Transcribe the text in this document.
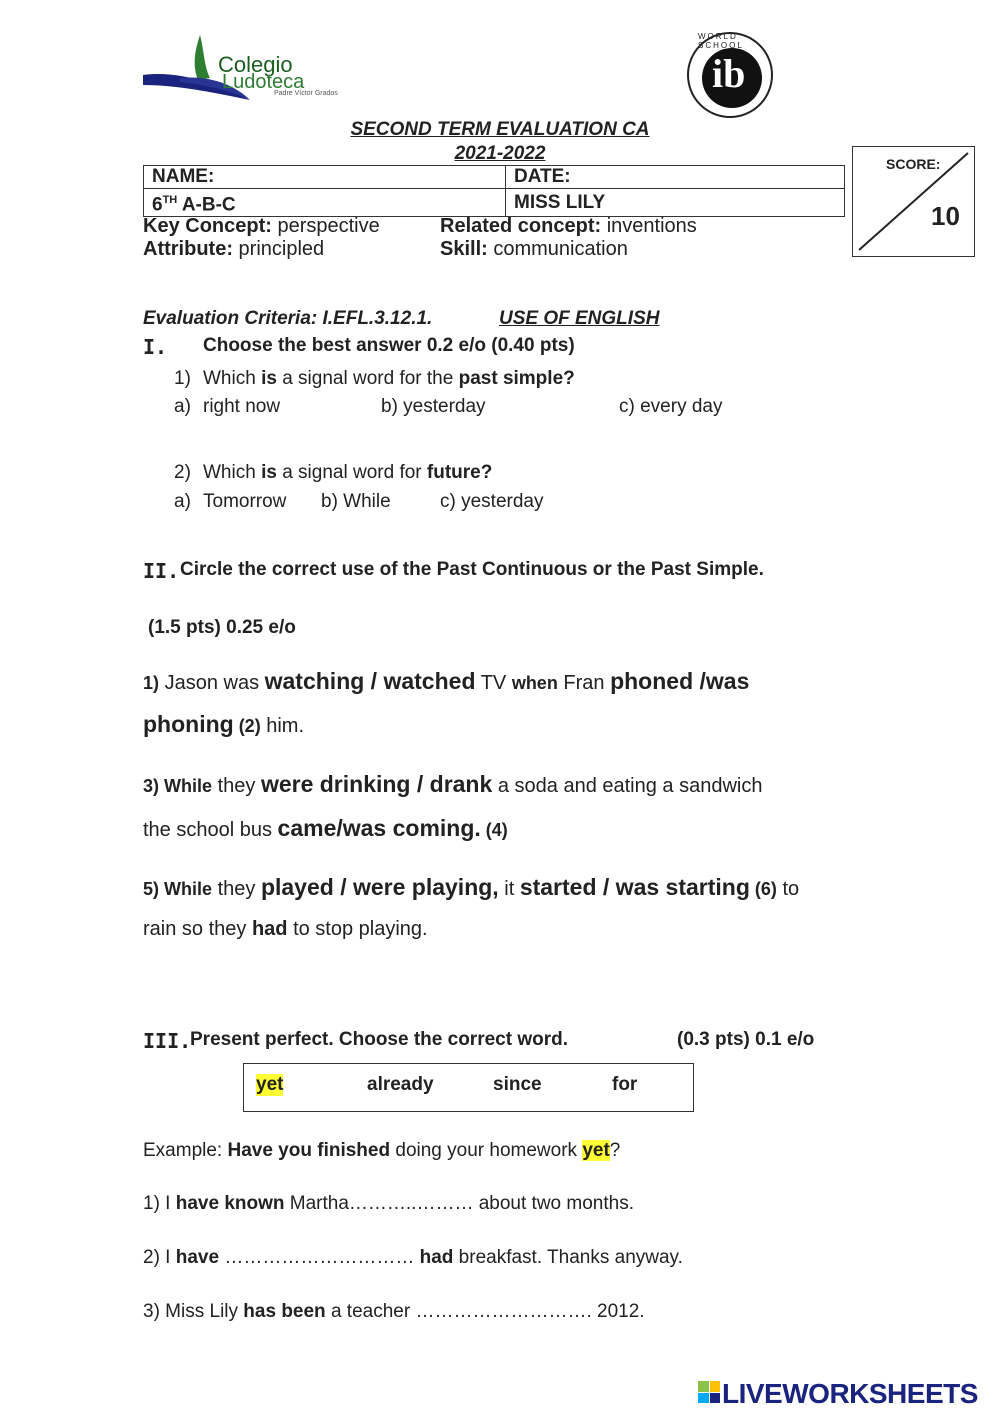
Colegio
Ludoteca
Padre Víctor Grados	ib
WORLD SCHOOL
SECOND TERM EVALUATION CA
2021-2022
NAME:	DATE:
6TH A-B-C	MISS LILY
SCORE:
10
Key Concept: perspective	Related concept: inventions
Attribute: principled	Skill: communication
Evaluation Criteria: I.EFL.3.12.1.	USE OF ENGLISH
I. Choose the best answer 0.2 e/o (0.40 pts)
1) Which is a signal word for the past simple?
a) right now	b) yesterday	c) every day
2) Which is a signal word for future?
a) Tomorrow b) While	c) yesterday
II. Circle the correct use of the Past Continuous or the Past Simple.
(1.5 pts) 0.25 e/o
1) Jason was watching / watched TV when Fran phoned /was
phoning (2) him.
3) While they were drinking / drank a soda and eating a sandwich
the school bus came/was coming. (4)
5) While they played / were playing, it started / was starting (6) to
rain so they had to stop playing.
III.
Present perfect. Choose the correct word.	(0.3 pts) 0.1 e/o
yet	already	since	for
Example: Have you finished doing your homework yet?
1) I have known Martha………..……… about two months.
2) I have ………………………… had breakfast. Thanks anyway.
3) Miss Lily has been a teacher ………………………. 2012.
LIVEWORKSHEETS
